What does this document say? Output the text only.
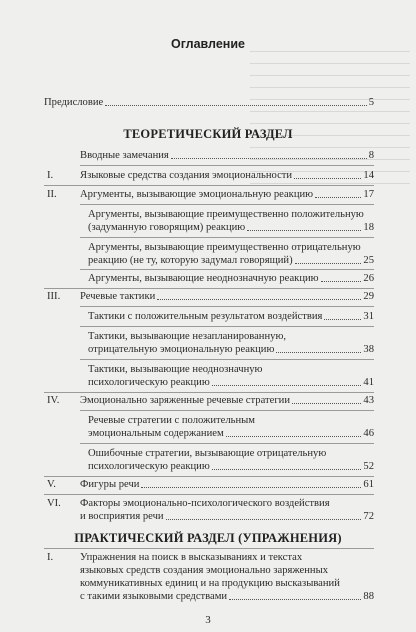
Оглавление
Предисловие	5
ТЕОРЕТИЧЕСКИЙ РАЗДЕЛ
Вводные замечания	8
I.	Языковые средства создания эмоциональности	14
II. Аргументы, вызывающие эмоциональную реакцию	17
Аргументы, вызывающие преимущественно положительную
(задуманную говорящим) реакцию	18
Аргументы, вызывающие преимущественно отрицательную
реакцию (не ту, которую задумал говорящий)	25
Аргументы, вызывающие неоднозначную реакцию	26
III. Речевые тактики	29
Тактики с положительным результатом воздействия	31
Тактики, вызывающие незапланированную,
отрицательную эмоциональную реакцию	38
Тактики, вызывающие неоднозначную
психологическую реакцию	41
IV. Эмоционально заряженные речевые стратегии	43
Речевые стратегии с положительным
эмоциональным содержанием	46
Ошибочные стратегии, вызывающие отрицательную
психологическую реакцию	52
V. Фигуры речи	61
VI. Факторы эмоционально-психологического воздействия
и восприятия речи	72
ПРАКТИЧЕСКИЙ РАЗДЕЛ (УПРАЖНЕНИЯ)
I.	Упражнения на поиск в высказываниях и текстах
языковых средств создания эмоционально заряженных
коммуникативных единиц и на продукцию высказываний
с такими языковыми средствами	88
3
